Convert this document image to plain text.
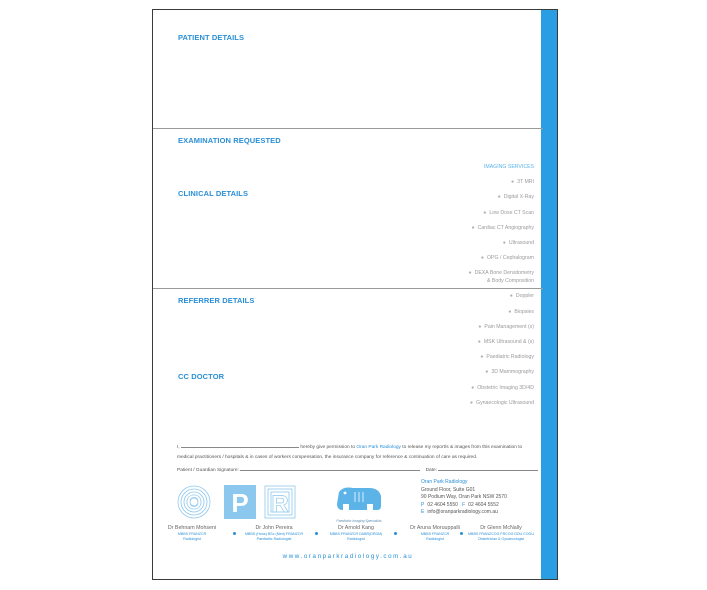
PATIENT DETAILS
EXAMINATION REQUESTED
CLINICAL DETAILS
REFERRER DETAILS
CC DOCTOR
IMAGING SERVICES
● 3T MRI
● Digital X-Ray
● Low Dose CT Scan
● Cardiac CT Angiography
● Ultrasound
● OPG / Cephalogram
● DEXA Bone Densitometry
& Body Composition
● Doppler
● Biopsies
● Pain Management (s)
● MSK Ultrasound & (s)
● Paediatric Radiology
● 3D Mammography
● Obstetric Imaging 3D/4D
● Gynaecologic Ultrasound
I,	hereby give permission to Oran Park Radiology to release my report/s & images from this examination to medical practitioners / hospitals & in cases of workers compensation, the insurance company for reference & continuation of care as required.
Patient / Guardian Signature:	Date:
O P R
Paediatric Imaging Specialists
Oran Park Radiology
Ground Floor, Suite G01
90 Podium Way, Oran Park NSW 2570
P 02 4604 5550 F 02 4604 5552
E info@oranparkradiology.com.au
Dr Behnam Mohseni
MBBS FRANZCR
Radiologist
Dr John Pereira
MBBS (Hons) BSc (Med) FRANZCR
Paediatric Radiologist
Dr Arnold Kang
MBBS FRANZCR DABR(DRDM)
Radiologist
Dr Aruna Moruuppalli
MBBS FRANZCR
Radiologist
Dr Glenn McNally
MBBS FRANZCOG FRCOG DDU COGU
Obstetrician & Gynaecologist
www.oranparkradiology.com.au
